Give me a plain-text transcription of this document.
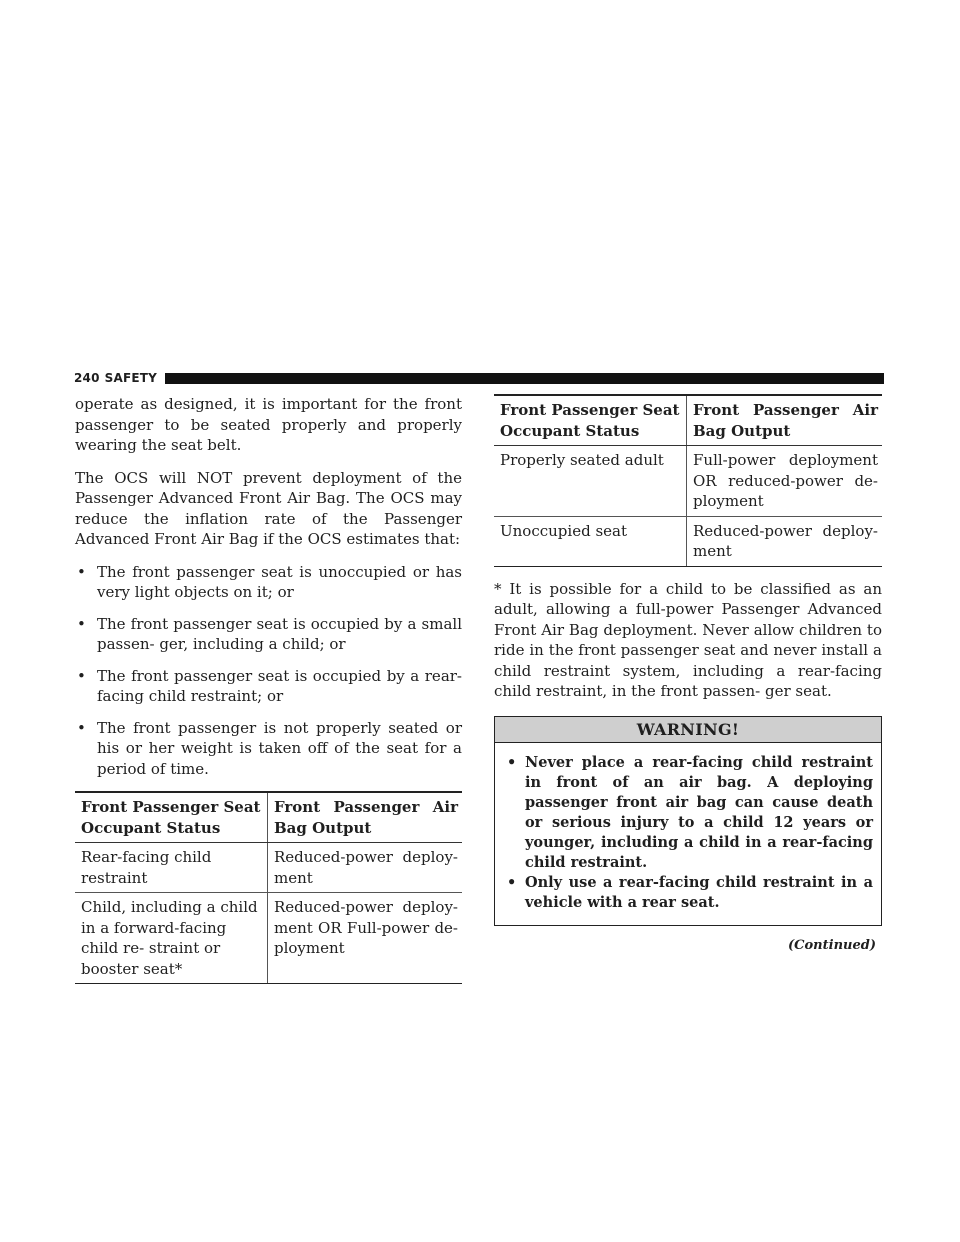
240 SAFETY

operate as designed, it is important for the front passenger to be seated properly and properly wearing the seat belt.

The OCS will NOT prevent deployment of the Passenger Advanced Front Air Bag. The OCS may reduce the inflation rate of the Passenger Advanced Front Air Bag if the OCS estimates that:

• The front passenger seat is unoccupied or has very light objects on it; or
• The front passenger seat is occupied by a small passen- ger, including a child; or
• The front passenger seat is occupied by a rear-facing child restraint; or
• The front passenger is not properly seated or his or her weight is taken off of the seat for a period of time.
Front Passenger Seat Occupant Status	Front Passenger Air Bag Output
Rear-facing child restraint	Reduced-power deploy- ment
Child, including a child in a forward-facing child re- straint or booster seat*	Reduced-power deploy- ment OR Full-power de- ployment
Front Passenger Seat Occupant Status	Front Passenger Air Bag Output
Properly seated adult	Full-power deployment OR reduced-power de- ployment
Unoccupied seat	Reduced-power deploy- ment

* It is possible for a child to be classified as an adult, allowing a full-power Passenger Advanced Front Air Bag deployment. Never allow children to ride in the front passenger seat and never install a child restraint system, including a rear-facing child restraint, in the front passen- ger seat.

WARNING!
• Never place a rear-facing child restraint in front of an air bag. A deploying passenger front air bag can cause death or serious injury to a child 12 years or younger, including a child in a rear-facing child restraint.
• Only use a rear-facing child restraint in a vehicle with a rear seat.
(Continued)
